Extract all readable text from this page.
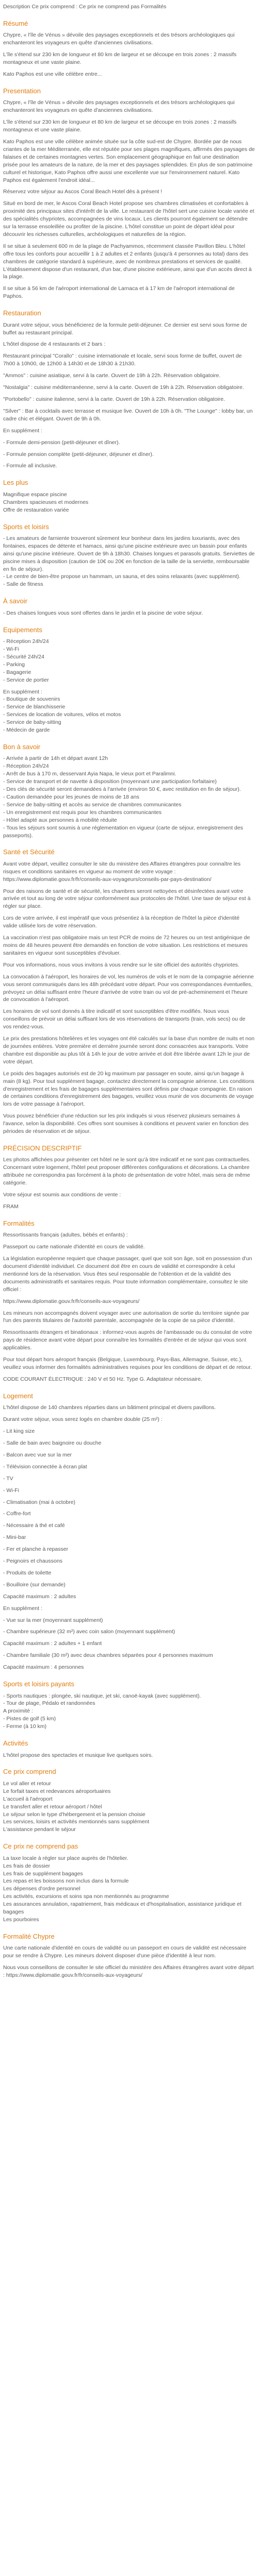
Description Ce prix comprend : Ce prix ne comprend pas Formalités

Résumé

Chypre, « l'île de Vénus » dévoile des paysages exceptionnels et des trésors archéologiques qui enchanteront les voyageurs en quête d'anciennes civilisations.

L'île s'étend sur 230 km de longueur et 80 km de largeur et se découpe en trois zones : 2 massifs montagneux et une vaste plaine.

Kato Paphos est une ville célèbre entre...

Presentation

Chypre, « l'île de Vénus » dévoile des paysages exceptionnels et des trésors archéologiques qui enchanteront les voyageurs en quête d'anciennes civilisations.

L'île s'étend sur 230 km de longueur et 80 km de largeur et se découpe en trois zones : 2 massifs montagneux et une vaste plaine.

Kato Paphos est une ville célèbre animée située sur la côte sud-est de Chypre. Bordée par de nous criantes de la mer Méditerranée, elle est réputée pour ses plages magnifiques, affirmés des paysages de falaises et de certaines montagnes vertes. Son emplacement géographique en fait une destination prisée pour les amateurs de la nature, de la mer et des paysages splendides. En plus de son patrimoine culturel et historique, Kato Paphos offre aussi une excellente vue sur l'environnement naturel. Kato Paphos est également l'endroit idéal...

Réservez votre séjour au Ascos Coral Beach Hotel dès à présent !

Situé en bord de mer, le Ascos Coral Beach Hotel propose ses chambres climatisées et confortables à proximité des principaux sites d'intérêt de la ville. Le restaurant de l'hôtel sert une cuisine locale variée et des spécialités chypriotes, accompagnées de vins locaux. Les clients pourront également se détendre sur la terrasse ensoleillée ou profiter de la piscine. L'hôtel constitue un point de départ idéal pour découvrir les richesses culturelles, archéologiques et naturelles de la région.

Il se situe à seulement 600 m de la plage de Pachyammos, récemment classée Pavillon Bleu. L'hôtel offre tous les conforts pour accueillir 1 à 2 adultes et 2 enfants (jusqu'à 4 personnes au total) dans des chambres de catégorie standard à supérieure, avec de nombreux prestations et services de qualité. L'établissement dispose d'un restaurant, d'un bar, d'une piscine extérieure, ainsi que d'un accès direct à la plage.

Il se situe à 56 km de l'aéroport international de Larnaca et à 17 km de l'aéroport international de Paphos.

Restauration

Durant votre séjour, vous bénéficierez de la formule petit-déjeuner. Ce dernier est servi sous forme de buffet au restaurant principal.

L'hôtel dispose de 4 restaurants et 2 bars :

Restaurant principal "Corallo" : cuisine internationale et locale, servi sous forme de buffet, ouvert de 7h00 à 10h00, de 12h00 à 14h30 et de 18h30 à 21h30.

"Ammos" : cuisine asiatique, servi à la carte. Ouvert de 19h à 22h. Réservation obligatoire.

"Nostalgia" : cuisine méditerranéenne, servi à la carte. Ouvert de 19h à 22h. Réservation obligatoire.

"Portobello" : cuisine italienne, servi à la carte. Ouvert de 19h à 22h. Réservation obligatoire.

"Silver" : Bar à cocktails avec terrasse et musique live. Ouvert de 10h à 0h. "The Lounge" : lobby bar, un cadre chic et élégant. Ouvert de 9h à 0h.

En supplément :

- Formule demi-pension (petit-déjeuner et dîner).

- Formule pension complète (petit-déjeuner, déjeuner et dîner).

- Formule all inclusive.

Les plus
Magnifique espace piscine
Chambres spacieuses et modernes
Offre de restauration variée
Sports et loisirs
- Les amateurs de farniente trouveront sûrement leur bonheur dans les jardins luxuriants, avec des fontaines, espaces de détente et hamacs, ainsi qu'une piscine extérieure avec un bassin pour enfants ainsi qu'une piscine intérieure. Ouvert de 9h à 18h30. Chaises longues et parasols gratuits. Serviettes de piscine mises à disposition (caution de 10€ ou 20€ en fonction de la taille de la serviette, remboursable en fin de séjour).
- Le centre de bien-être propose un hammam, un sauna, et des soins relaxants (avec supplément).
- Salle de fitness
À savoir
- Des chaises longues vous sont offertes dans le jardin et la piscine de votre séjour.
Equipements
- Réception 24h/24
- Wi-Fi
- Sécurité 24h/24
- Parking
- Bagagerie
- Service de portier
En supplément :
- Boutique de souvenirs
- Service de blanchisserie
- Services de location de voitures, vélos et motos
- Service de baby-sitting
- Médecin de garde
Bon à savoir
- Arrivée à partir de 14h et départ avant 12h
- Réception 24h/24
- Arrêt de bus à 170 m, desservant Ayia Napa, le vieux port et Paralimni.
- Service de transport et de navette à disposition (moyennant une participation forfaitaire)
- Des clés de sécurité seront demandées à l'arrivée (environ 50 €, avec restitution en fin de séjour).
- Caution demandée pour les jeunes de moins de 18 ans
- Service de baby-sitting et accès au service de chambres communicantes
- Un enregistrement est requis pour les chambres communicantes
- Hôtel adapté aux personnes à mobilité réduite
- Tous les séjours sont soumis à une réglementation en vigueur (carte de séjour, enregistrement des passeports).
Santé et Sécurité

Avant votre départ, veuillez consulter le site du ministère des Affaires étrangères pour connaître les risques et conditions sanitaires en vigueur au moment de votre voyage : https://www.diplomatie.gouv.fr/fr/conseils-aux-voyageurs/conseils-par-pays-destination/

Pour des raisons de santé et de sécurité, les chambres seront nettoyées et désinfectées avant votre arrivée et tout au long de votre séjour conformément aux protocoles de l'hôtel. Une taxe de séjour est à régler sur place.

Lors de votre arrivée, il est impératif que vous présentiez à la réception de l'hôtel la pièce d'identité valide utilisée lors de votre réservation.

La vaccination n'est pas obligatoire mais un test PCR de moins de 72 heures ou un test antigénique de moins de 48 heures peuvent être demandés en fonction de votre situation. Les restrictions et mesures sanitaires en vigueur sont susceptibles d'évoluer.

Pour vos informations, nous vous invitons à vous rendre sur le site officiel des autorités chypriotes.

La convocation à l'aéroport, les horaires de vol, les numéros de vols et le nom de la compagnie aérienne vous seront communiqués dans les 48h précédant votre départ. Pour vos correspondances éventuelles, prévoyez un délai suffisant entre l'heure d'arrivée de votre train ou vol de pré-acheminement et l'heure de convocation à l'aéroport.

Les horaires de vol sont donnés à titre indicatif et sont susceptibles d'être modifiés. Nous vous conseillons de prévoir un délai suffisant lors de vos réservations de transports (train, vols secs) ou de vos rendez-vous.

Le prix des prestations hôtelières et les voyages ont été calculés sur la base d'un nombre de nuits et non de journées entières. Votre première et dernière journée seront donc consacrées aux transports. Votre chambre est disponible au plus tôt à 14h le jour de votre arrivée et doit être libérée avant 12h le jour de votre départ.

Le poids des bagages autorisés est de 20 kg maximum par passager en soute, ainsi qu'un bagage à main (8 kg). Pour tout supplément bagage, contactez directement la compagnie aérienne. Les conditions d'enregistrement et les frais de bagages supplémentaires sont définis par chaque compagnie. En raison de certaines conditions d'enregistrement des bagages, veuillez vous munir de vos documents de voyage lors de votre passage à l'aéroport.

Vous pouvez bénéficier d'une réduction sur les prix indiqués si vous réservez plusieurs semaines à l'avance, selon la disponibilité. Ces offres sont soumises à conditions et peuvent varier en fonction des périodes de réservation et de séjour.

PRÉCISION DESCRIPTIF

Les photos affichées pour présenter cet hôtel ne le sont qu'à titre indicatif et ne sont pas contractuelles. Concernant votre logement, l'hôtel peut proposer différentes configurations et décorations. La chambre attribuée ne correspondra pas forcément à la photo de présentation de votre hôtel, mais sera de même catégorie.

Votre séjour est soumis aux conditions de vente :

FRAM

Formalités

Ressortissants français (adultes, bébés et enfants) :

Passeport ou carte nationale d'identité en cours de validité.

La législation européenne requiert que chaque passager, quel que soit son âge, soit en possession d'un document d'identité individuel. Ce document doit être en cours de validité et correspondre à celui mentionné lors de la réservation. Vous êtes seul responsable de l'obtention et de la validité des documents administratifs et sanitaires requis. Pour toute information complémentaire, consultez le site officiel :

https://www.diplomatie.gouv.fr/fr/conseils-aux-voyageurs/

Les mineurs non accompagnés doivent voyager avec une autorisation de sortie du territoire signée par l'un des parents titulaires de l'autorité parentale, accompagnée de la copie de sa pièce d'identité.

Ressortissants étrangers et binationaux : informez-vous auprès de l'ambassade ou du consulat de votre pays de résidence avant votre départ pour connaître les formalités d'entrée et de séjour qui vous sont applicables.

Pour tout départ hors aéroport français (Belgique, Luxembourg, Pays-Bas, Allemagne, Suisse, etc.), veuillez vous informer des formalités administratives requises pour les conditions de départ et de retour.

CODE COURANT ÉLECTRIQUE : 240 V et 50 Hz. Type G. Adaptateur nécessaire.

Logement

L'hôtel dispose de 140 chambres réparties dans un bâtiment principal et divers pavillons.

Durant votre séjour, vous serez logés en chambre double (25 m²) :

- Lit king size

- Salle de bain avec baignoire ou douche

- Balcon avec vue sur la mer

- Télévision connectée à écran plat

- TV

- Wi-Fi

- Climatisation (mai à octobre)

- Coffre-fort

- Nécessaire à thé et café

- Mini-bar

- Fer et planche à repasser

- Peignoirs et chaussons

- Produits de toilette

- Bouilloire (sur demande)

Capacité maximum : 2 adultes

En supplément :

- Vue sur la mer (moyennant supplément)

- Chambre supérieure (32 m²) avec coin salon (moyennant supplément)

Capacité maximum : 2 adultes + 1 enfant

- Chambre familiale (30 m²) avec deux chambres séparées pour 4 personnes maximum

Capacité maximum : 4 personnes

Sports et loisirs payants
- Sports nautiques : plongée, ski nautique, jet ski, canoë-kayak (avec supplément).
- Tour de plage, Pédalo et randonnées
A proximité :
- Pistes de golf (5 km)
- Ferme (à 10 km)
Activités

L'hôtel propose des spectacles et musique live quelques soirs.

Ce prix comprend
Le vol aller et retour
Le forfait taxes et redevances aéroportuaires
L'accueil à l'aéroport
Le transfert aller et retour aéroport / hôtel
Le séjour selon le type d'hébergement et la pension choisie
Les services, loisirs et activités mentionnés sans supplément
L'assistance pendant le séjour
Ce prix ne comprend pas
La taxe locale à régler sur place auprès de l'hôtelier.
Les frais de dossier
Les frais de supplément bagages
Les repas et les boissons non inclus dans la formule
Les dépenses d'ordre personnel
Les activités, excursions et soins spa non mentionnés au programme
Les assurances annulation, rapatriement, frais médicaux et d'hospitalisation, assistance juridique et bagages
Les pourboires
Formalité Chypre

Une carte nationale d'identité en cours de validité ou un passeport en cours de validité est nécessaire pour se rendre à Chypre. Les mineurs doivent disposer d'une pièce d'identité à leur nom.

Nous vous conseillons de consulter le site officiel du ministère des Affaires étrangères avant votre départ : https://www.diplomatie.gouv.fr/fr/conseils-aux-voyageurs/
